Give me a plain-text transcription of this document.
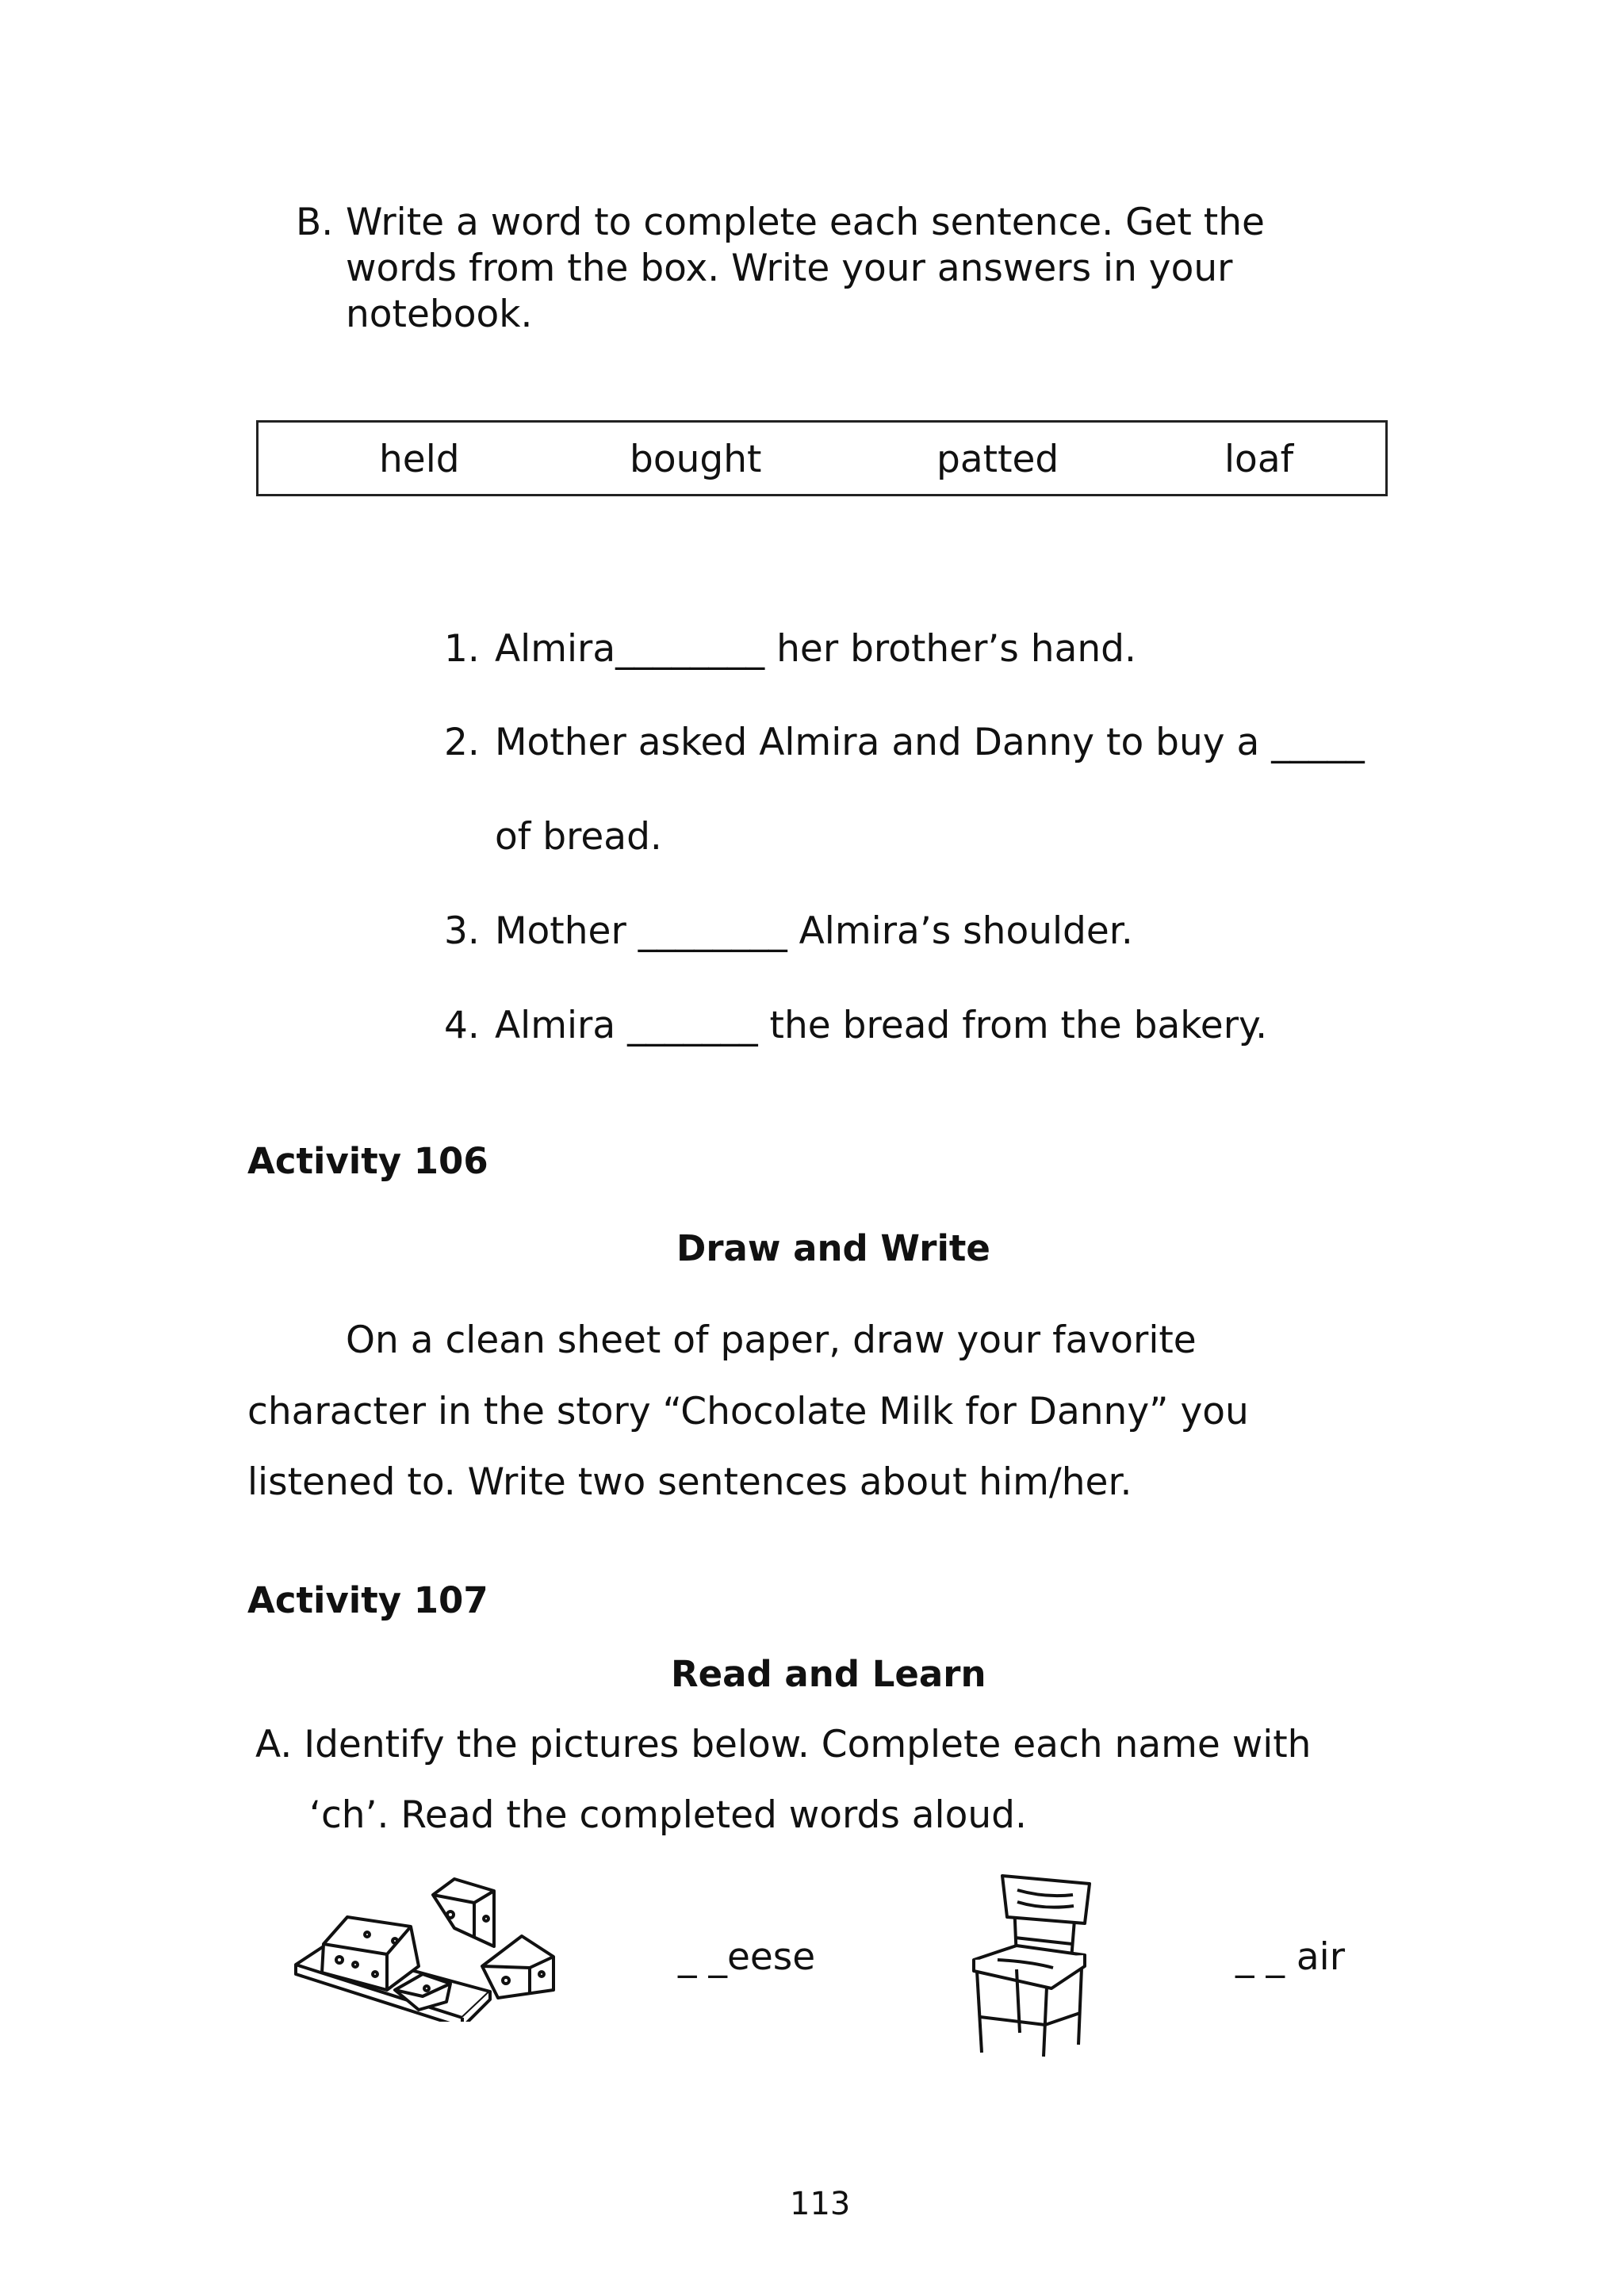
B. Write a word to complete each sentence. Get the
words from the box. Write your answers in your
notebook.
held	bought	patted	loaf
1. Almira________ her brother’s hand.
2. Mother asked Almira and Danny to buy a _____
of bread.
3. Mother ________ Almira’s shoulder.
4. Almira _______ the bread from the bakery.
Activity 106
Draw and Write
On a clean sheet of paper, draw your favorite
character in the story “Chocolate Milk for Danny” you
listened to. Write two sentences about him/her.
Activity 107
Read and Learn
A. Identify the pictures below. Complete each name with
‘ch’. Read the completed words aloud.
_ _eese	_ _ air
113
